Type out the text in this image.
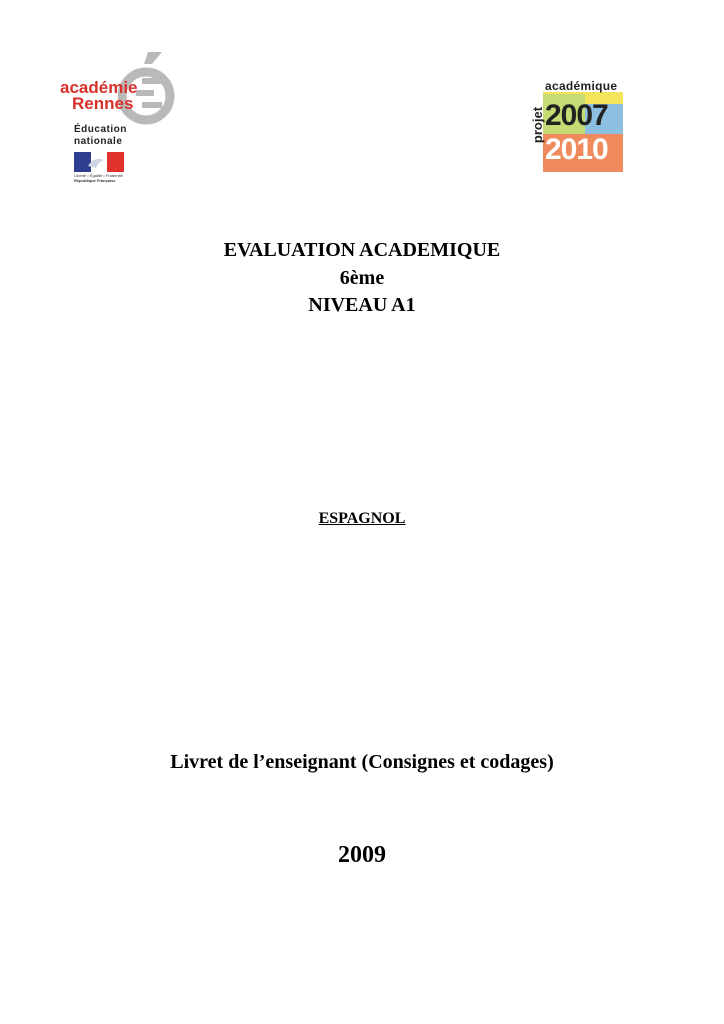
académie
Rennes
Éducation
nationale
Liberté • Égalité • Fraternité
République Française
académique
2007
2010
projet
EVALUATION ACADEMIQUE
6ème
NIVEAU A1
ESPAGNOL
Livret de l’enseignant (Consignes et codages)
2009
